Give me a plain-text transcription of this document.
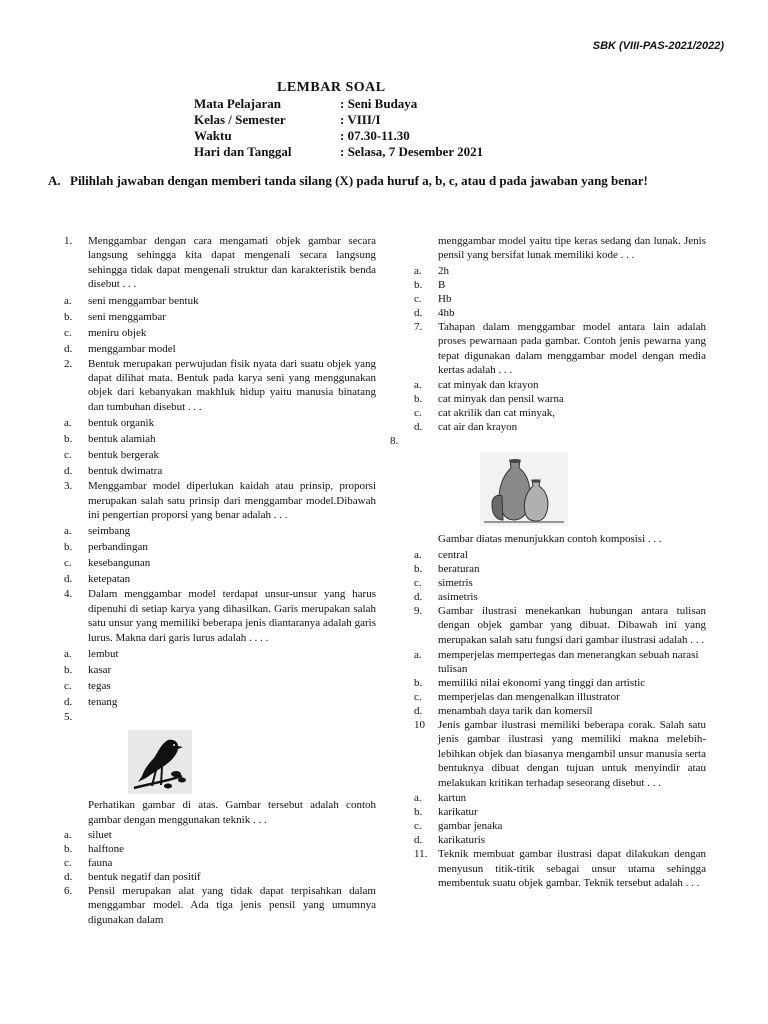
SBK (VIII-PAS-2021/2022)
LEMBAR SOAL
Mata Pelajaran	: Seni Budaya
Kelas / Semester	: VIII/I
Waktu	: 07.30-11.30
Hari dan Tanggal	: Selasa, 7 Desember 2021
A. Pilihlah jawaban dengan memberi tanda silang (X) pada huruf a, b, c, atau d pada jawaban yang benar!
1. Menggambar dengan cara mengamati objek gambar secara langsung sehingga kita dapat mengenali secara langsung sehingga tidak dapat mengenali struktur dan karakteristik benda disebut . . .
a. seni menggambar bentuk
b. seni menggambar
c. meniru objek
d. menggambar model
2. Bentuk merupakan perwujudan fisik nyata dari suatu objek yang dapat dilihat mata. Bentuk pada karya seni yang menggunakan objek dari kebanyakan makhluk hidup yaitu manusia binatang dan tumbuhan disebut . . .
a. bentuk organik
b. bentuk alamiah
c. bentuk bergerak
d. bentuk dwimatra
3. Menggambar model diperlukan kaidah atau prinsip, proporsi merupakan salah satu prinsip dari menggambar model.Dibawah ini pengertian proporsi yang benar adalah . . .
a. seimbang
b. perbandingan
c. kesebangunan
d. ketepatan
4. Dalam menggambar model terdapat unsur-unsur yang harus dipenuhi di setiap karya yang dihasilkan. Garis merupakan salah satu unsur yang memiliki beberapa jenis diantaranya adalah garis lurus. Makna dari garis lurus adalah . . . .
a. lembut
b. kasar
c. tegas
d. tenang
5.
Perhatikan gambar di atas. Gambar tersebut adalah contoh gambar dengan menggunakan teknik . . .
a. siluet
b. halftone
c. fauna
d. bentuk negatif dan positif
6. Pensil merupakan alat yang tidak dapat terpisahkan dalam menggambar model. Ada tiga jenis pensil yang umumnya digunakan dalam
menggambar model yaitu tipe keras sedang dan lunak. Jenis pensil yang bersifat lunak memiliki kode . . .
a. 2h
b. B
c. Hb
d. 4hb
7. Tahapan dalam menggambar model antara lain adalah proses pewarnaan pada gambar. Contoh jenis pewarna yang tepat digunakan dalam menggambar model dengan media kertas adalah . . .
a. cat minyak dan krayon
b. cat minyak dan pensil warna
c. cat akrilik dan cat minyak,
d. cat air dan krayon
8.
Gambar diatas menunjukkan contoh komposisi . . .
a. central
b. beraturan
c. simetris
d. asimetris
9. Gambar ilustrasi menekankan hubungan antara tulisan dengan objek gambar yang dibuat. Dibawah ini yang merupakan salah satu fungsi dari gambar ilustrasi adalah . . .
a. memperjelas mempertegas dan menerangkan sebuah narasi tulisan
b. memiliki nilai ekonomi yang tinggi dan artistic
c. memperjelas dan mengenalkan illustrator
d. menambah daya tarik dan komersil
10 Jenis gambar ilustrasi memiliki beberapa corak. Salah satu jenis gambar ilustrasi yang memiliki makna melebih-lebihkan objek dan biasanya mengambil unsur manusia serta bentuknya dibuat dengan tujuan untuk menyindir atau melakukan kritikan terhadap seseorang disebut . . .
a. kartun
b. karikatur
c. gambar jenaka
d. karikaturis
11. Teknik membuat gambar ilustrasi dapat dilakukan dengan menyusun titik-titik sebagai unsur utama sehingga membentuk suatu objek gambar. Teknik tersebut adalah . . .
